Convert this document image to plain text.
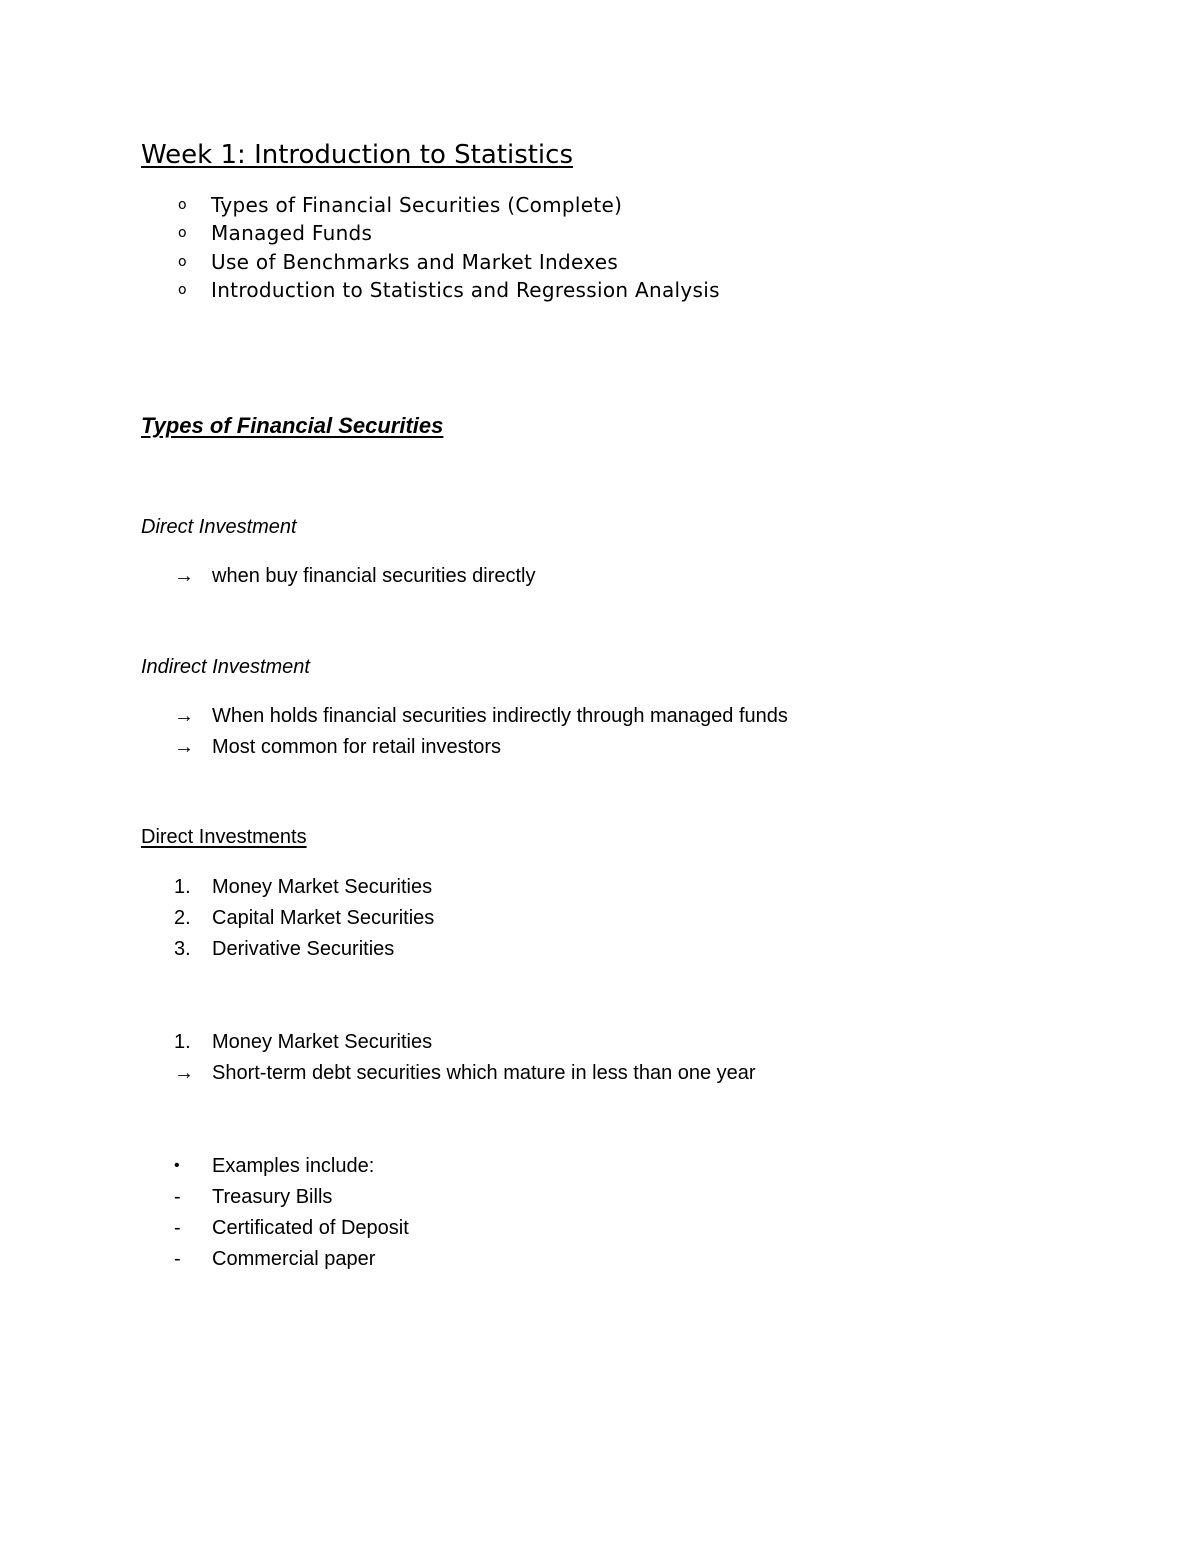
Week 1: Introduction to Statistics
o	Types of Financial Securities (Complete)
o	Managed Funds
o	Use of Benchmarks and Market Indexes
o	Introduction to Statistics and Regression Analysis
Types of Financial Securities
Direct Investment
→ when buy financial securities directly
Indirect Investment
→ When holds financial securities indirectly through managed funds
→ Most common for retail investors
Direct Investments
1.	Money Market Securities
2.	Capital Market Securities
3.	Derivative Securities
1.	Money Market Securities
→ Short-term debt securities which mature in less than one year
•	Examples include:
-	Treasury Bills
-	Certificated of Deposit
-	Commercial paper
